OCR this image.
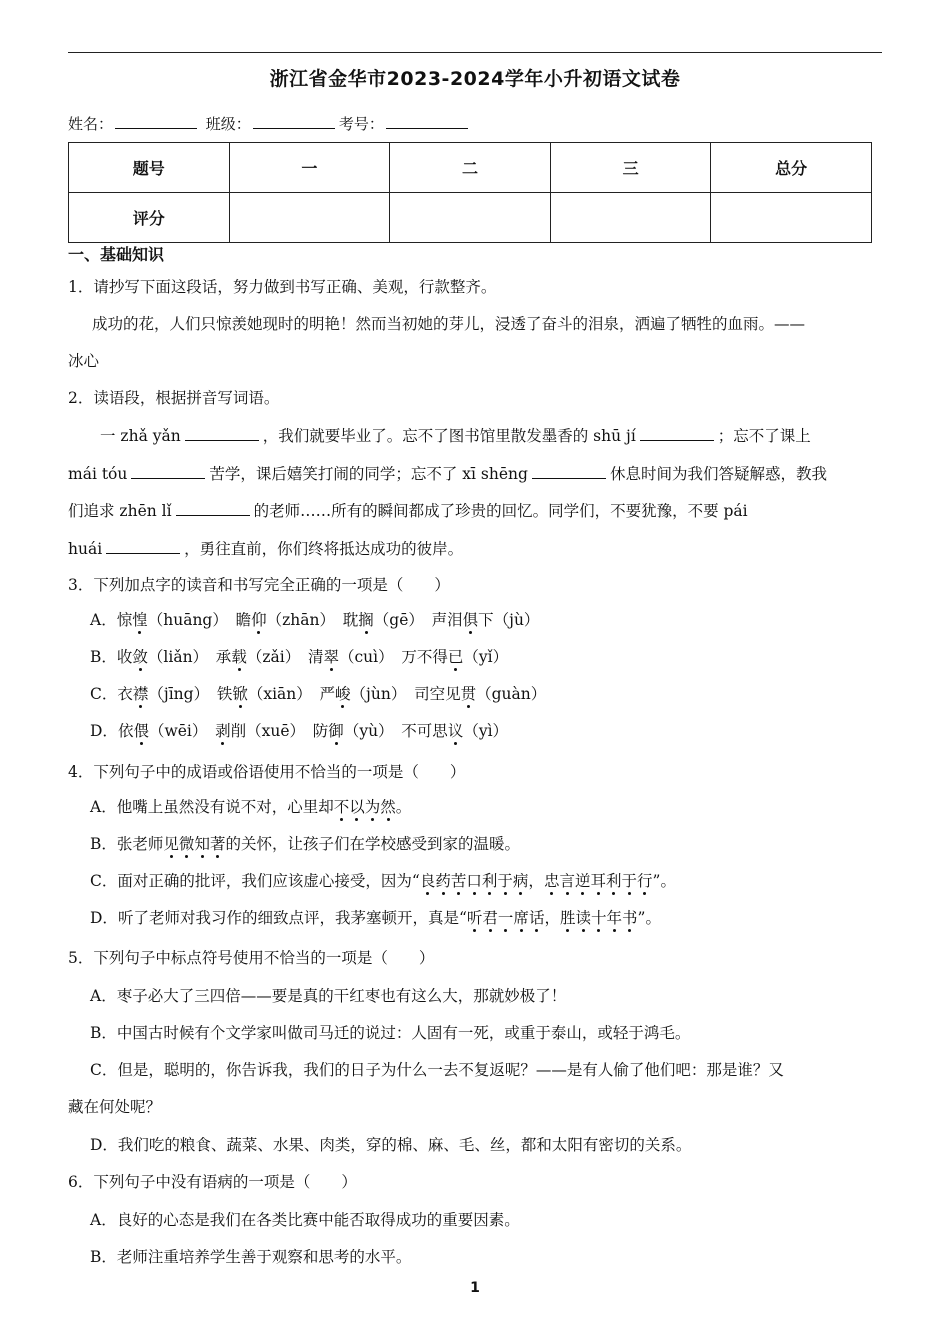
浙江省金华市2023-2024学年小升初语文试卷
姓名：	班级：	考号：
题号	一	二	三	总分
评分				
一、基础知识
1．请抄写下面这段话，努力做到书写正确、美观，行款整齐。
成功的花，人们只惊羡她现时的明艳！然而当初她的芽儿，浸透了奋斗的泪泉，洒遍了牺牲的血雨。——
冰心
2．读语段，根据拼音写词语。
一 zhǎ yǎn	，我们就要毕业了。忘不了图书馆里散发墨香的 shū jí	；忘不了课上
mái tóu	苦学，课后嬉笑打闹的同学；忘不了 xī shēng	休息时间为我们答疑解惑，教我
们追求 zhēn lǐ	的老师……所有的瞬间都成了珍贵的回忆。同学们，不要犹豫，不要 pái
huái	，勇往直前，你们终将抵达成功的彼岸。
3．下列加点字的读音和书写完全正确的一项是（　　）
A．惊惶（huāng）　瞻仰（zhān）　耽搁（gē）　声泪俱下（jù）
B．收敛（liǎn）　承载（zǎi）　清翠（cuì）　万不得已（yǐ）
C．衣襟（jīng）　铁锨（xiān）　严峻（jùn）　司空见贯（guàn）
D．依偎（wēi）　剥削（xuē）　防御（yù）　不可思议（yì）
4．下列句子中的成语或俗语使用不恰当的一项是（　　）
A．他嘴上虽然没有说不对，心里却不以为然。
B．张老师见微知著的关怀，让孩子们在学校感受到家的温暖。
C．面对正确的批评，我们应该虚心接受，因为“良药苦口利于病，忠言逆耳利于行”。
D．听了老师对我习作的细致点评，我茅塞顿开，真是“听君一席话，胜读十年书”。
5．下列句子中标点符号使用不恰当的一项是（　　）
A．枣子必大了三四倍——要是真的干红枣也有这么大，那就妙极了！
B．中国古时候有个文学家叫做司马迁的说过：人固有一死，或重于泰山，或轻于鸿毛。
C．但是，聪明的，你告诉我，我们的日子为什么一去不复返呢？——是有人偷了他们吧：那是谁？又
藏在何处呢？
D．我们吃的粮食、蔬菜、水果、肉类，穿的棉、麻、毛、丝，都和太阳有密切的关系。
6．下列句子中没有语病的一项是（　　）
A．良好的心态是我们在各类比赛中能否取得成功的重要因素。
B．老师注重培养学生善于观察和思考的水平。
1
